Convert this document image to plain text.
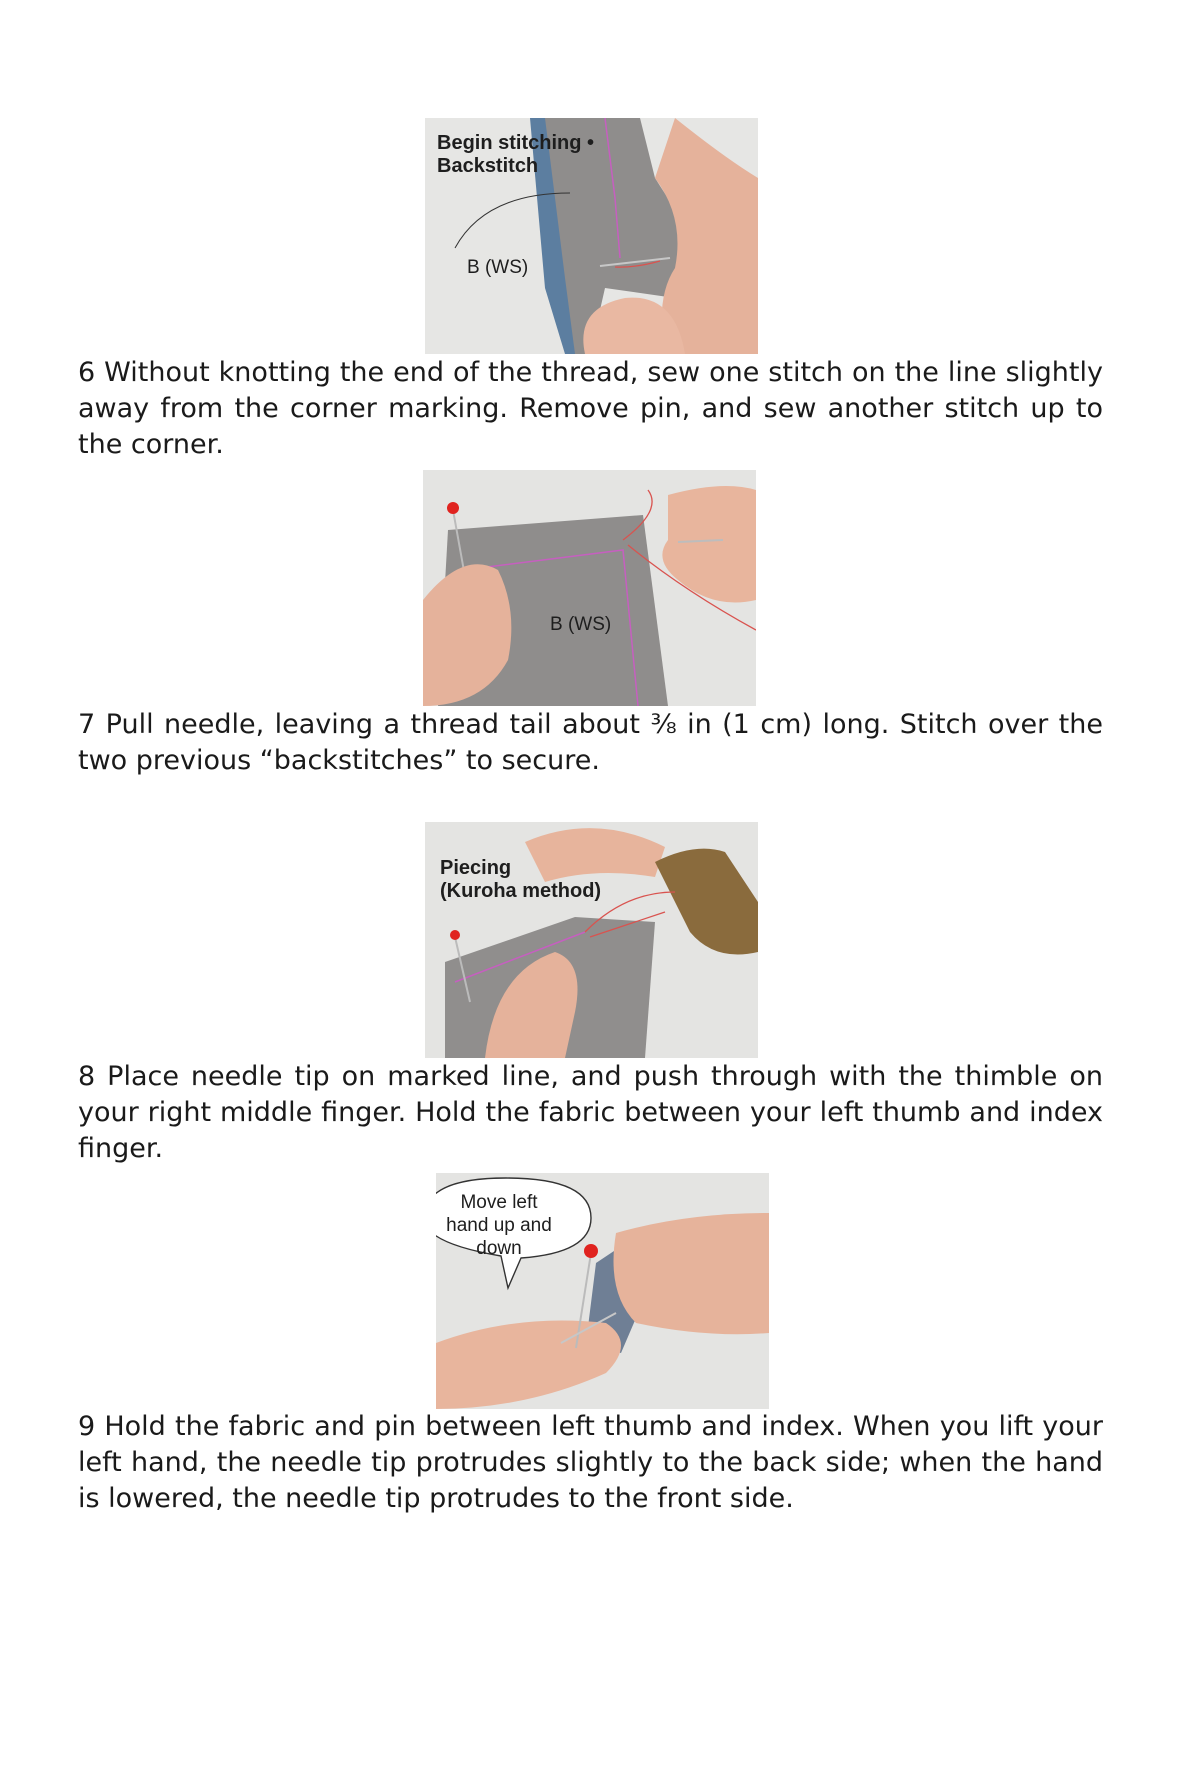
Begin stitching •
Backstitch
B (WS)

6 Without knotting the end of the thread, sew one stitch on the line slightly away from the corner marking. Remove pin, and sew another stitch up to the corner.

B (WS)

7 Pull needle, leaving a thread tail about ⅜ in (1 cm) long. Stitch over the two previous “backstitches” to secure.

Piecing
(Kuroha method)

8 Place needle tip on marked line, and push through with the thimble on your right middle finger. Hold the fabric between your left thumb and index finger.

Move left
hand up and
down

9 Hold the fabric and pin between left thumb and index. When you lift your left hand, the needle tip protrudes slightly to the back side; when the hand is lowered, the needle tip protrudes to the front side.
